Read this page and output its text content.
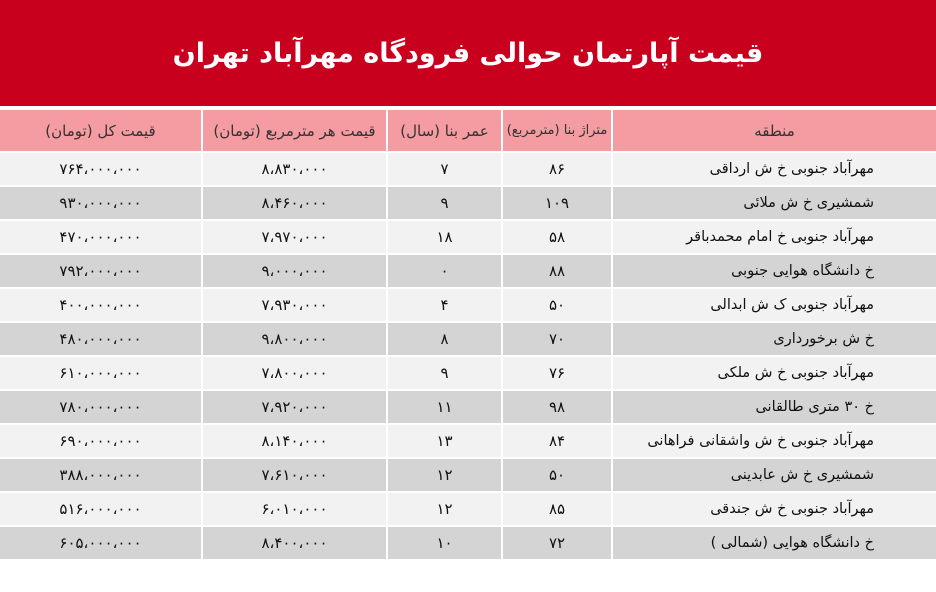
قیمت آپارتمان حوالی فرودگاه مهرآباد تهران
منطقه	متراژ بنا (مترمربع)	عمر بنا (سال)	قیمت هر مترمربع (تومان)	قیمت کل (تومان)
مهرآباد جنوبی خ ش ارداقی	۸۶	۷	۸،۸۳۰،۰۰۰	۷۶۴،۰۰۰،۰۰۰
شمشیری خ ش ملائی	۱۰۹	۹	۸،۴۶۰،۰۰۰	۹۳۰،۰۰۰،۰۰۰
مهرآباد جنوبی خ امام محمدباقر	۵۸	۱۸	۷،۹۷۰،۰۰۰	۴۷۰،۰۰۰،۰۰۰
خ دانشگاه هوایی جنوبی	۸۸	۰	۹،۰۰۰،۰۰۰	۷۹۲،۰۰۰،۰۰۰
مهرآباد جنوبی ک ش ابدالی	۵۰	۴	۷،۹۳۰،۰۰۰	۴۰۰،۰۰۰،۰۰۰
خ ش برخورداری	۷۰	۸	۹،۸۰۰،۰۰۰	۴۸۰،۰۰۰،۰۰۰
مهرآباد جنوبی خ ش ملکی	۷۶	۹	۷،۸۰۰،۰۰۰	۶۱۰،۰۰۰،۰۰۰
خ ۳۰ متری طالقانی	۹۸	۱۱	۷،۹۲۰،۰۰۰	۷۸۰،۰۰۰،۰۰۰
مهرآباد جنوبی خ ش واشقانی فراهانی	۸۴	۱۳	۸،۱۴۰،۰۰۰	۶۹۰،۰۰۰،۰۰۰
شمشیری خ ش عابدینی	۵۰	۱۲	۷،۶۱۰،۰۰۰	۳۸۸،۰۰۰،۰۰۰
مهرآباد جنوبی خ ش جندقی	۸۵	۱۲	۶،۰۱۰،۰۰۰	۵۱۶،۰۰۰،۰۰۰
خ دانشگاه هوایی (شمالی )	۷۲	۱۰	۸،۴۰۰،۰۰۰	۶۰۵،۰۰۰،۰۰۰
